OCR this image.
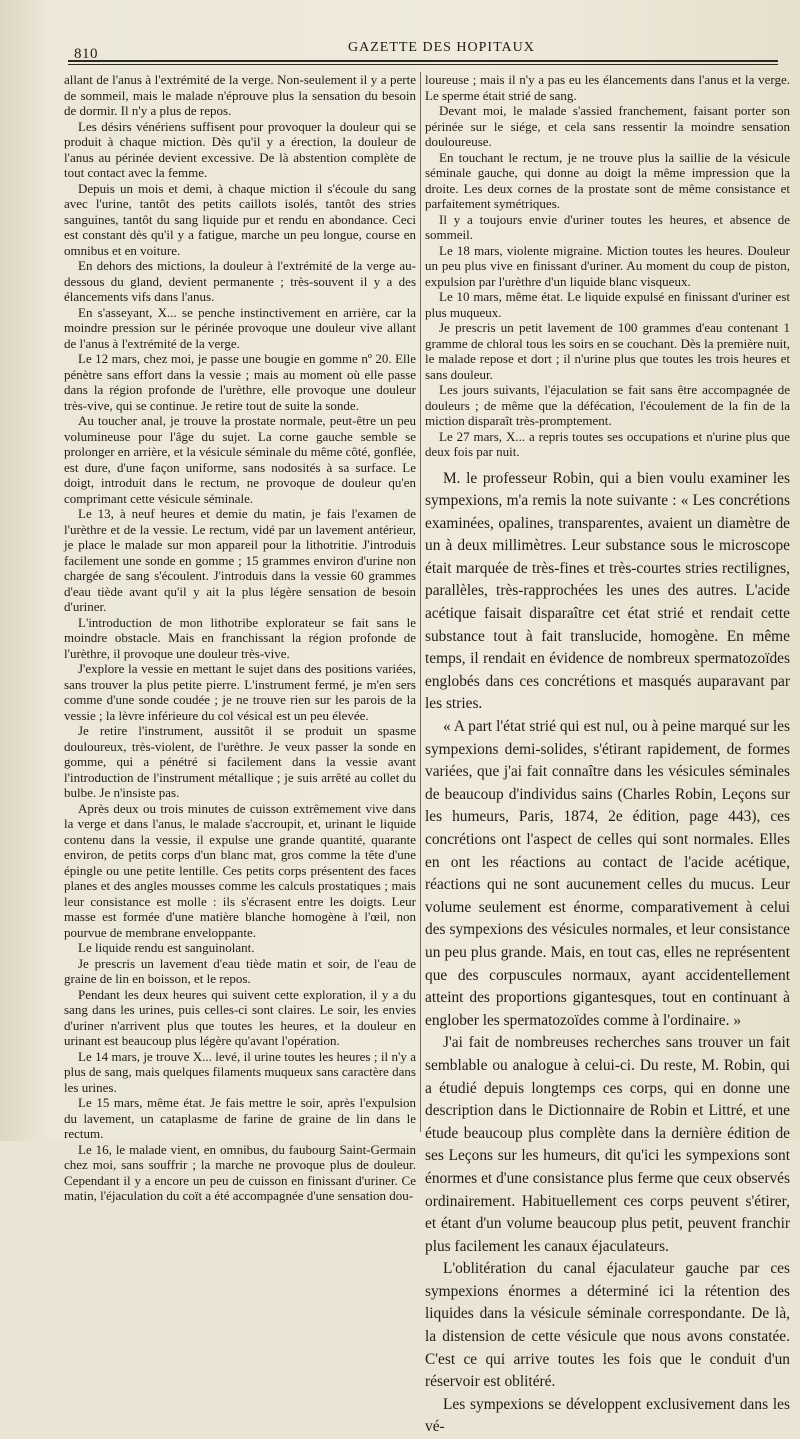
810	GAZETTE DES HOPITAUX

allant de l'anus à l'extrémité de la verge. Non-seulement il y a perte de sommeil, mais le malade n'éprouve plus la sensation du besoin de dormir. Il n'y a plus de repos.

Les désirs vénériens suffisent pour provoquer la douleur qui se produit à chaque miction. Dès qu'il y a érection, la douleur de l'anus au périnée devient excessive. De là abstention complète de tout contact avec la femme.

Depuis un mois et demi, à chaque miction il s'écoule du sang avec l'urine, tantôt des petits caillots isolés, tantôt des stries sanguines, tantôt du sang liquide pur et rendu en abondance. Ceci est constant dès qu'il y a fatigue, marche un peu longue, course en omnibus et en voiture.

En dehors des mictions, la douleur à l'extrémité de la verge au-dessous du gland, devient permanente ; très-souvent il y a des élancements vifs dans l'anus.

En s'asseyant, X... se penche instinctivement en arrière, car la moindre pression sur le périnée provoque une douleur vive allant de l'anus à l'extrémité de la verge.

Le 12 mars, chez moi, je passe une bougie en gomme nº 20. Elle pénètre sans effort dans la vessie ; mais au moment où elle passe dans la région profonde de l'urèthre, elle provoque une douleur très-vive, qui se continue. Je retire tout de suite la sonde.

Au toucher anal, je trouve la prostate normale, peut-être un peu volumineuse pour l'âge du sujet. La corne gauche semble se prolonger en arrière, et la vésicule séminale du même côté, gonflée, est dure, d'une façon uniforme, sans nodosités à sa surface. Le doigt, introduit dans le rectum, ne provoque de douleur qu'en comprimant cette vésicule séminale.

Le 13, à neuf heures et demie du matin, je fais l'examen de l'urèthre et de la vessie. Le rectum, vidé par un lavement antérieur, je place le malade sur mon appareil pour la lithotritie. J'introduis facilement une sonde en gomme ; 15 grammes environ d'urine non chargée de sang s'écoulent. J'introduis dans la vessie 60 grammes d'eau tiède avant qu'il y ait la plus légère sensation de besoin d'uriner.

L'introduction de mon lithotribe explorateur se fait sans le moindre obstacle. Mais en franchissant la région profonde de l'urèthre, il provoque une douleur très-vive.

J'explore la vessie en mettant le sujet dans des positions variées, sans trouver la plus petite pierre. L'instrument fermé, je m'en sers comme d'une sonde coudée ; je ne trouve rien sur les parois de la vessie ; la lèvre inférieure du col vésical est un peu élevée.

Je retire l'instrument, aussitôt il se produit un spasme douloureux, très-violent, de l'urèthre. Je veux passer la sonde en gomme, qui a pénétré si facilement dans la vessie avant l'introduction de l'instrument métallique ; je suis arrêté au collet du bulbe. Je n'insiste pas.

Après deux ou trois minutes de cuisson extrêmement vive dans la verge et dans l'anus, le malade s'accroupit, et, urinant le liquide contenu dans la vessie, il expulse une grande quantité, quarante environ, de petits corps d'un blanc mat, gros comme la tête d'une épingle ou une petite lentille. Ces petits corps présentent des faces planes et des angles mousses comme les calculs prostatiques ; mais leur consistance est molle : ils s'écrasent entre les doigts. Leur masse est formée d'une matière blanche homogène à l'œil, non pourvue de membrane enveloppante.

Le liquide rendu est sanguinolant.

Je prescris un lavement d'eau tiède matin et soir, de l'eau de graine de lin en boisson, et le repos.

Pendant les deux heures qui suivent cette exploration, il y a du sang dans les urines, puis celles-ci sont claires. Le soir, les envies d'uriner n'arrivent plus que toutes les heures, et la douleur en urinant est beaucoup plus légère qu'avant l'opération.

Le 14 mars, je trouve X... levé, il urine toutes les heures ; il n'y a plus de sang, mais quelques filaments muqueux sans caractère dans les urines.

Le 15 mars, même état. Je fais mettre le soir, après l'expulsion du lavement, un cataplasme de farine de graine de lin dans le rectum.

Le 16, le malade vient, en omnibus, du faubourg Saint-Germain chez moi, sans souffrir ; la marche ne provoque plus de douleur. Cependant il y a encore un peu de cuisson en finissant d'uriner. Ce matin, l'éjaculation du coït a été accompagnée d'une sensation dou-

loureuse ; mais il n'y a pas eu les élancements dans l'anus et la verge. Le sperme était strié de sang.

Devant moi, le malade s'assied franchement, faisant porter son périnée sur le siége, et cela sans ressentir la moindre sensation douloureuse.

En touchant le rectum, je ne trouve plus la saillie de la vésicule séminale gauche, qui donne au doigt la même impression que la droite. Les deux cornes de la prostate sont de même consistance et parfaitement symétriques.

Il y a toujours envie d'uriner toutes les heures, et absence de sommeil.

Le 18 mars, violente migraine. Miction toutes les heures. Douleur un peu plus vive en finissant d'uriner. Au moment du coup de piston, expulsion par l'urèthre d'un liquide blanc visqueux.

Le 10 mars, même état. Le liquide expulsé en finissant d'uriner est plus muqueux.

Je prescris un petit lavement de 100 grammes d'eau contenant 1 gramme de chloral tous les soirs en se couchant. Dès la première nuit, le malade repose et dort ; il n'urine plus que toutes les trois heures et sans douleur.

Les jours suivants, l'éjaculation se fait sans être accompagnée de douleurs ; de même que la défécation, l'écoulement de la fin de la miction disparaît très-promptement.

Le 27 mars, X... a repris toutes ses occupations et n'urine plus que deux fois par nuit.

M. le professeur Robin, qui a bien voulu examiner les sympexions, m'a remis la note suivante : « Les concrétions examinées, opalines, transparentes, avaient un diamètre de un à deux millimètres. Leur substance sous le microscope était marquée de très-fines et très-courtes stries rectilignes, parallèles, très-rapprochées les unes des autres. L'acide acétique faisait disparaître cet état strié et rendait cette substance tout à fait translucide, homogène. En même temps, il rendait en évidence de nombreux spermatozoïdes englobés dans ces concrétions et masqués auparavant par les stries.

« A part l'état strié qui est nul, ou à peine marqué sur les sympexions demi-solides, s'étirant rapidement, de formes variées, que j'ai fait connaître dans les vésicules séminales de beaucoup d'individus sains (Charles Robin, Leçons sur les humeurs, Paris, 1874, 2e édition, page 443), ces concrétions ont l'aspect de celles qui sont normales. Elles en ont les réactions au contact de l'acide acétique, réactions qui ne sont aucunement celles du mucus. Leur volume seulement est énorme, comparativement à celui des sympexions des vésicules normales, et leur consistance un peu plus grande. Mais, en tout cas, elles ne représentent que des corpuscules normaux, ayant accidentellement atteint des proportions gigantesques, tout en continuant à englober les spermatozoïdes comme à l'ordinaire. »

J'ai fait de nombreuses recherches sans trouver un fait semblable ou analogue à celui-ci. Du reste, M. Robin, qui a étudié depuis longtemps ces corps, qui en donne une description dans le Dictionnaire de Robin et Littré, et une étude beaucoup plus complète dans la dernière édition de ses Leçons sur les humeurs, dit qu'ici les sympexions sont énormes et d'une consistance plus ferme que ceux observés ordinairement. Habituellement ces corps peuvent s'étirer, et étant d'un volume beaucoup plus petit, peuvent franchir plus facilement les canaux éjaculateurs.

L'oblitération du canal éjaculateur gauche par ces sympexions énormes a déterminé ici la rétention des liquides dans la vésicule séminale correspondante. De là, la distension de cette vésicule que nous avons constatée. C'est ce qui arrive toutes les fois que le conduit d'un réservoir est oblitéré.

Les sympexions se développent exclusivement dans les vé-
